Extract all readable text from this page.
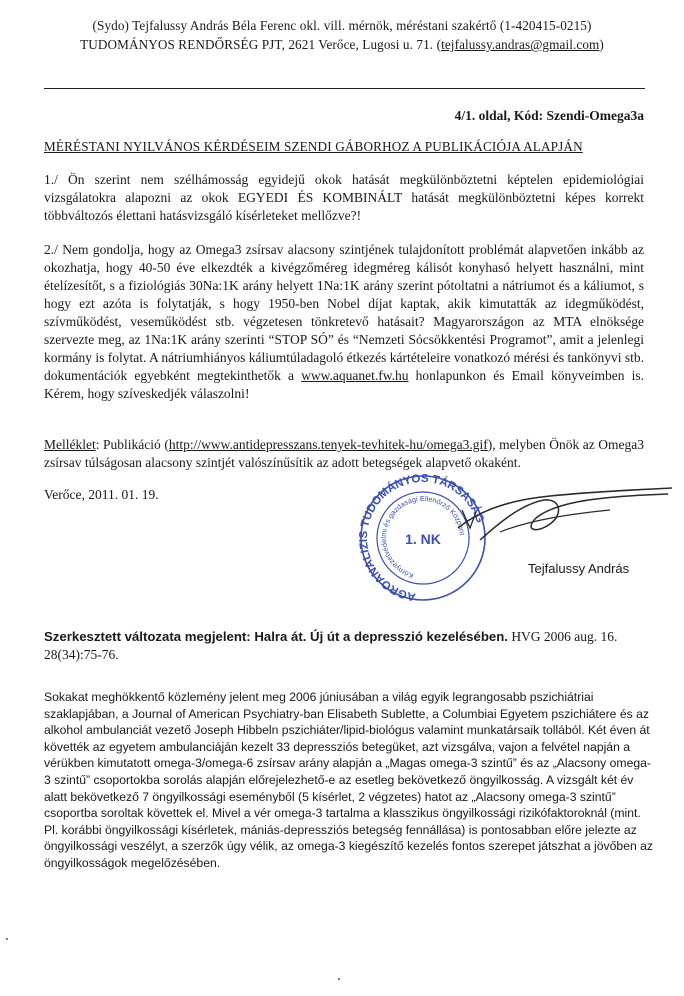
(Sydo) Tejfalussy András Béla Ferenc okl. vill. mérnök, méréstani szakértő (1-420415-0215)
TUDOMÁNYOS RENDŐRSÉG PJT, 2621 Verőce, Lugosi u. 71. (tejfalussy.andras@gmail.com)
4/1. oldal, Kód: Szendi-Omega3a
MÉRÉSTANI NYILVÁNOS KÉRDÉSEIM SZENDI GÁBORHOZ A PUBLIKÁCIÓJA ALAPJÁN

1./ Ön szerint nem szélhámosság egyidejű okok hatását megkülönböztetni képtelen epidemiológiai vizsgálatokra alapozni az okok EGYEDI ÉS KOMBINÁLT hatását megkülönböztetni képes korrekt többváltozós élettani hatásvizsgáló kísérleteket mellőzve?!

2./ Nem gondolja, hogy az Omega3 zsírsav alacsony szintjének tulajdonított problémát alapvetően inkább az okozhatja, hogy 40-50 éve elkezdték a kivégzőméreg idegméreg kálisót konyhasó helyett használni, mint ételízesítőt, s a fiziológiás 30Na:1K arány helyett 1Na:1K arány szerint pótoltatni a nátriumot és a káliumot, s hogy ezt azóta is folytatják, s hogy 1950-ben Nobel díjat kaptak, akik kimutatták az idegműködést, szívműködést, veseműködést stb. végzetesen tönkretevő hatásait? Magyarországon az MTA elnöksége szervezte meg, az 1Na:1K arány szerinti “STOP SÓ” és “Nemzeti Sócsökkentési Programot”, amit a jelenlegi kormány is folytat. A nátriumhiányos káliumtúladagoló étkezés kártételeire vonatkozó mérési és tankönyvi stb. dokumentációk egyebként megtekinthetők a www.aquanet.fw.hu honlapunkon és Email könyveimben is. Kérem, hogy szíveskedjék válaszolni!

Melléklet: Publikáció (http://www.antidepresszans.tenyek-tevhitek-hu/omega3.gif), melyben Önök az Omega3 zsírsav túlságosan alacsony szintjét valószínűsítik az adott betegségek alapvető okaként.

Verőce, 2011. 01. 19.
AGROANALIZIS TUDOMÁNYOS TÁRSASÁG
Környezetvédelmi és gazdasági Ellenőrző Központ
1. NK
Tejfalussy András

Szerkesztett változata megjelent: Halra át. Új út a depresszió kezelésében. HVG 2006 aug. 16. 28(34):75-76.

Sokakat meghökkentő közlemény jelent meg 2006 júniusában a világ egyik legrangosabb pszichiátriai szaklapjában, a Journal of American Psychiatry-ban Elisabeth Sublette, a Columbiai Egyetem pszichiátere és az alkohol ambulanciát vezető Joseph Hibbeln pszichiáter/lipid-biológus valamint munkatársaik tollából. Két éven át követték az egyetem ambulanciáján kezelt 33 depressziós betegüket, azt vizsgálva, vajon a felvétel napján a vérükben kimutatott omega-3/omega-6 zsírsav arány alapján a „Magas omega-3 szintű” és az „Alacsony omega-3 szintű” csoportokba sorolás alapján előrejelezhető-e az esetleg bekövetkező öngyilkosság. A vizsgált két év alatt bekövetkező 7 öngyilkossági eseményből (5 kísérlet, 2 végzetes) hatot az „Alacsony omega-3 szintű” csoportba soroltak követtek el. Mivel a vér omega-3 tartalma a klasszikus öngyilkossági rizikófaktoroknál (mint. Pl. korábbi öngyilkossági kísérletek, mániás-depressziós betegség fennállása) is pontosabban előre jelezte az öngyilkossági veszélyt, a szerzők úgy vélik, az omega-3 kiegészítő kezelés fontos szerepet játszhat a jövőben az öngyilkosságok megelőzésében.
